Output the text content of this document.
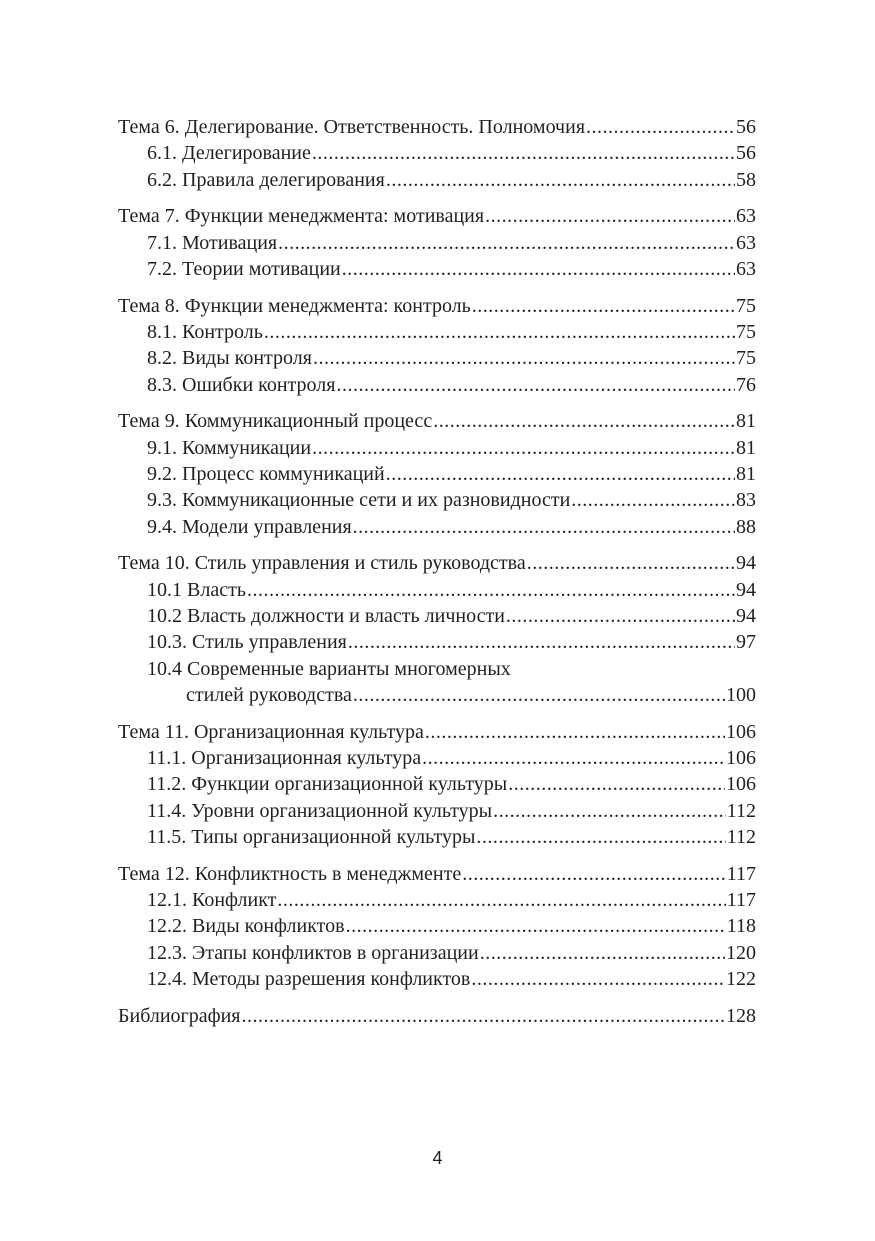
Тема 6. Делегирование. Ответственность. Полномочия .....	56
6.1. Делегирование .....	56
6.2. Правила делегирования .....	58
Тема 7. Функции менеджмента: мотивация .....	63
7.1. Мотивация .....	63
7.2. Теории мотивации .....	63
Тема 8. Функции менеджмента: контроль .....	75
8.1. Контроль .....	75
8.2. Виды контроля .....	75
8.3. Ошибки контроля .....	76
Тема 9. Коммуникационный процесс .....	81
9.1. Коммуникации .....	81
9.2. Процесс коммуникаций .....	81
9.3. Коммуникационные сети и их разновидности .....	83
9.4. Модели управления .....	88
Тема 10. Стиль управления и стиль руководства .....	94
10.1 Власть .....	94
10.2 Власть должности и власть личности .....	94
10.3. Стиль управления .....	97
10.4 Современные варианты многомерных
стилей руководства .....	100
Тема 11. Организационная культура .....	106
11.1. Организационная культура .....	106
11.2. Функции организационной культуры .....	106
11.4. Уровни организационной культуры .....	112
11.5. Типы организационной культуры .....	112
Тема 12. Конфликтность в менеджменте .....	117
12.1. Конфликт .....	117
12.2. Виды конфликтов .....	118
12.3. Этапы конфликтов в организации .....	120
12.4. Методы разрешения конфликтов .....	122
Библиография .....	128
4
